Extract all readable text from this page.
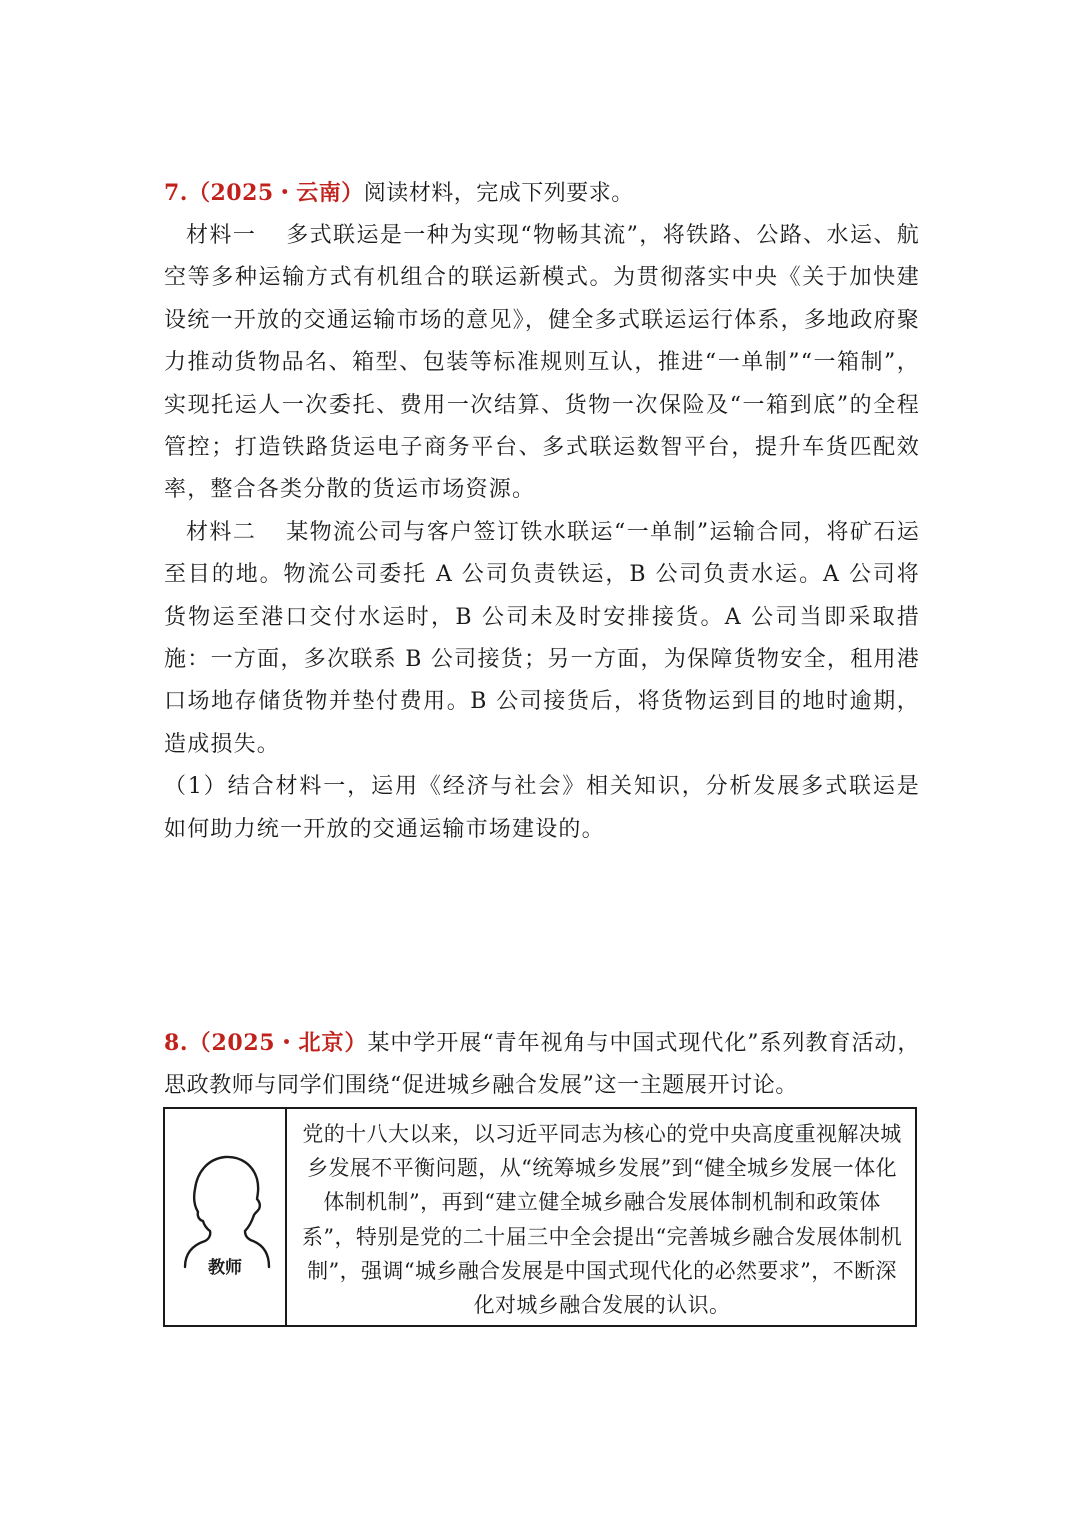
7.（2025・云南）阅读材料，完成下列要求。

材料一 多式联运是一种为实现“物畅其流”，将铁路、公路、水运、航空等多种运输方式有机组合的联运新模式。为贯彻落实中央《关于加快建设统一开放的交通运输市场的意见》，健全多式联运运行体系，多地政府聚力推动货物品名、箱型、包装等标准规则互认，推进“一单制”“一箱制”，实现托运人一次委托、费用一次结算、货物一次保险及“一箱到底”的全程管控；打造铁路货运电子商务平台、多式联运数智平台，提升车货匹配效率，整合各类分散的货运市场资源。

材料二 某物流公司与客户签订铁水联运“一单制”运输合同，将矿石运至目的地。物流公司委托 A 公司负责铁运，B 公司负责水运。A 公司将货物运至港口交付水运时，B 公司未及时安排接货。A 公司当即采取措施：一方面，多次联系 B 公司接货；另一方面，为保障货物安全，租用港口场地存储货物并垫付费用。B 公司接货后，将货物运到目的地时逾期，造成损失。

（1）结合材料一，运用《经济与社会》相关知识，分析发展多式联运是如何助力统一开放的交通运输市场建设的。

8.（2025・北京）某中学开展“青年视角与中国式现代化”系列教育活动，思政教师与同学们围绕“促进城乡融合发展”这一主题展开讨论。

教师
党的十八大以来，以习近平同志为核心的党中央高度重视解决城乡发展不平衡问题，从“统筹城乡发展”到“健全城乡发展一体化体制机制”，再到“建立健全城乡融合发展体制机制和政策体系”，特别是党的二十届三中全会提出“完善城乡融合发展体制机制”，强调“城乡融合发展是中国式现代化的必然要求”，不断深化对城乡融合发展的认识。
